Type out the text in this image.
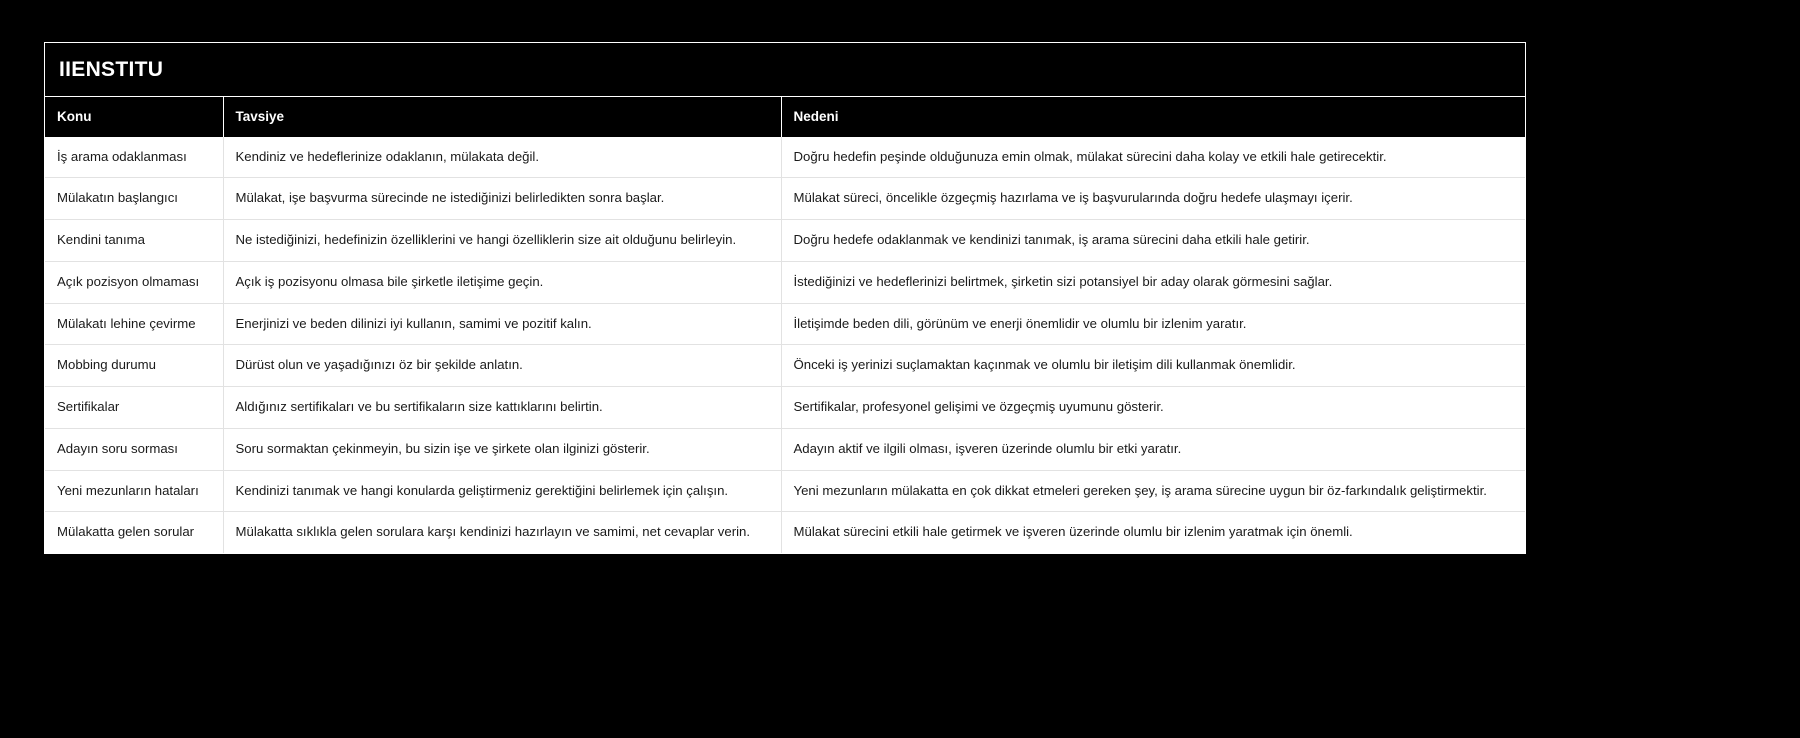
IIENSTITU
Konu	Tavsiye	Nedeni
İş arama odaklanması	Kendiniz ve hedeflerinize odaklanın, mülakata değil.	Doğru hedefin peşinde olduğunuza emin olmak, mülakat sürecini daha kolay ve etkili hale getirecektir.
Mülakatın başlangıcı	Mülakat, işe başvurma sürecinde ne istediğinizi belirledikten sonra başlar.	Mülakat süreci, öncelikle özgeçmiş hazırlama ve iş başvurularında doğru hedefe ulaşmayı içerir.
Kendini tanıma	Ne istediğinizi, hedefinizin özelliklerini ve hangi özelliklerin size ait olduğunu belirleyin.	Doğru hedefe odaklanmak ve kendinizi tanımak, iş arama sürecini daha etkili hale getirir.
Açık pozisyon olmaması	Açık iş pozisyonu olmasa bile şirketle iletişime geçin.	İstediğinizi ve hedeflerinizi belirtmek, şirketin sizi potansiyel bir aday olarak görmesini sağlar.
Mülakatı lehine çevirme	Enerjinizi ve beden dilinizi iyi kullanın, samimi ve pozitif kalın.	İletişimde beden dili, görünüm ve enerji önemlidir ve olumlu bir izlenim yaratır.
Mobbing durumu	Dürüst olun ve yaşadığınızı öz bir şekilde anlatın.	Önceki iş yerinizi suçlamaktan kaçınmak ve olumlu bir iletişim dili kullanmak önemlidir.
Sertifikalar	Aldığınız sertifikaları ve bu sertifikaların size kattıklarını belirtin.	Sertifikalar, profesyonel gelişimi ve özgeçmiş uyumunu gösterir.
Adayın soru sorması	Soru sormaktan çekinmeyin, bu sizin işe ve şirkete olan ilginizi gösterir.	Adayın aktif ve ilgili olması, işveren üzerinde olumlu bir etki yaratır.
Yeni mezunların hataları	Kendinizi tanımak ve hangi konularda geliştirmeniz gerektiğini belirlemek için çalışın.	Yeni mezunların mülakatta en çok dikkat etmeleri gereken şey, iş arama sürecine uygun bir öz-farkındalık geliştirmektir.
Mülakatta gelen sorular	Mülakatta sıklıkla gelen sorulara karşı kendinizi hazırlayın ve samimi, net cevaplar verin.	Mülakat sürecini etkili hale getirmek ve işveren üzerinde olumlu bir izlenim yaratmak için önemli.
